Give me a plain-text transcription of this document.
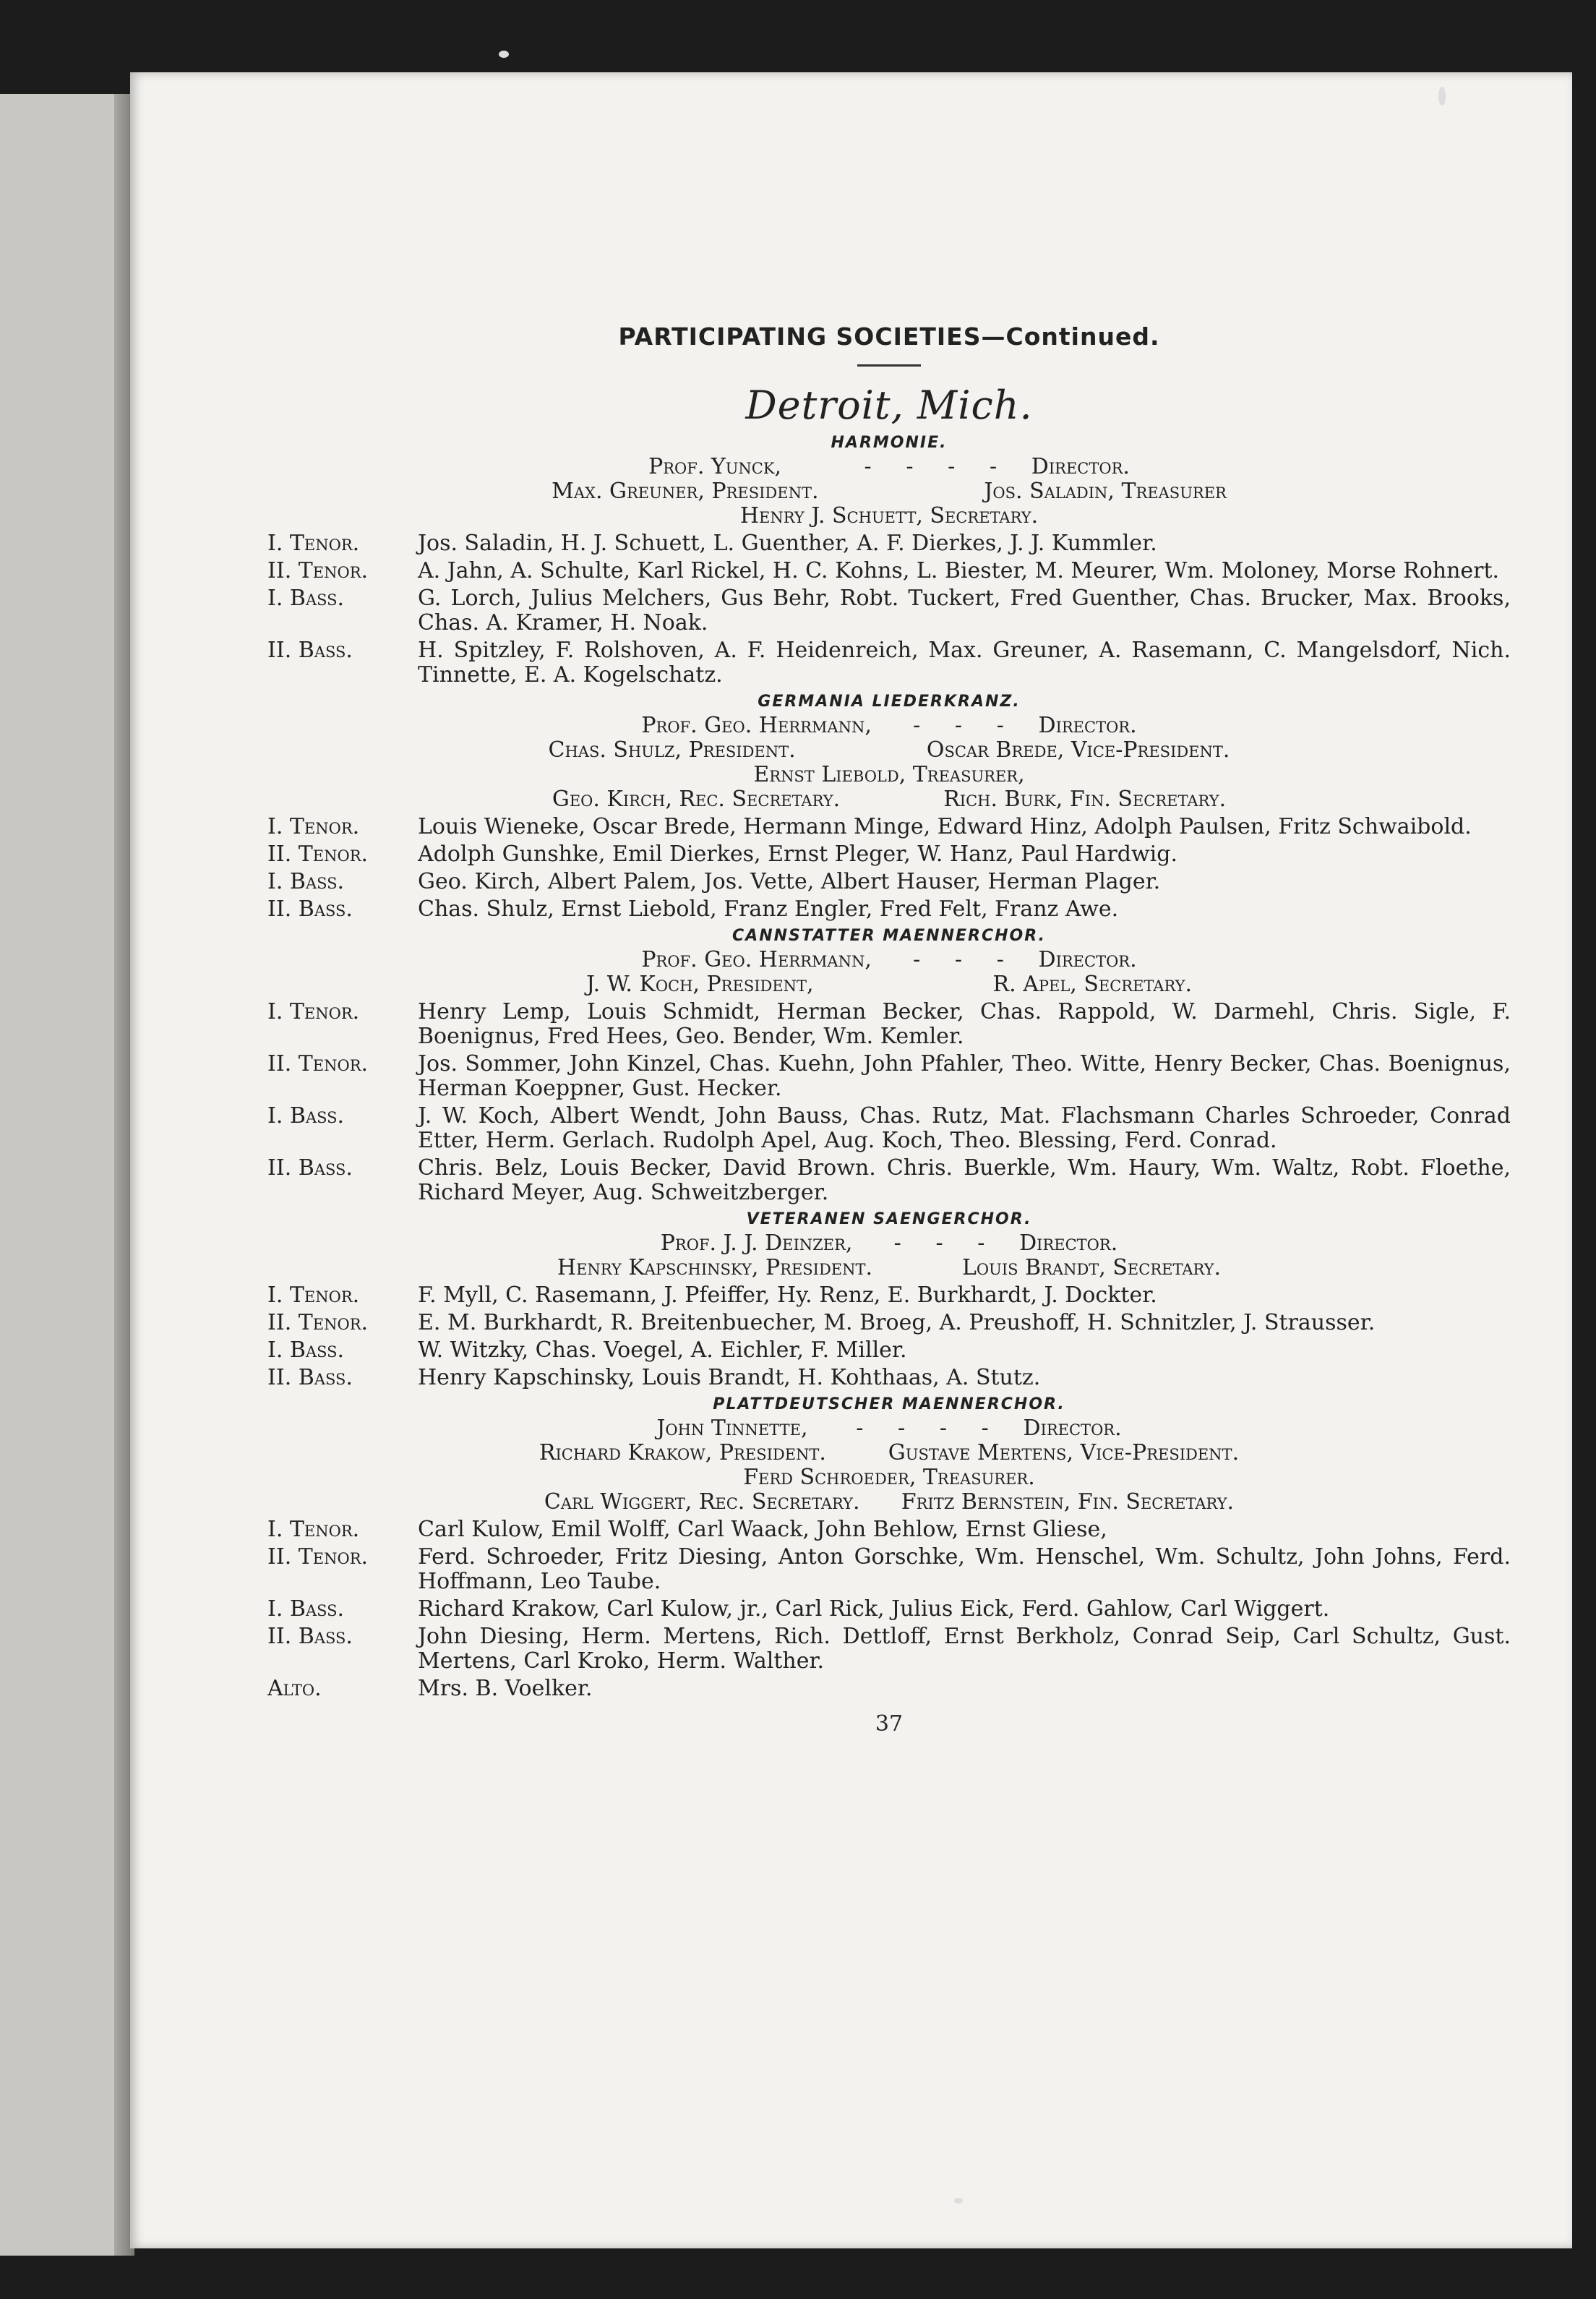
PARTICIPATING SOCIETIES—Continued.
Detroit, Mich.
HARMONIE.
Prof. Yunck,            -     -     -     -     Director.
Max. Greuner, President.                        Jos. Saladin, Treasurer
Henry J. Schuett, Secretary.
I. Tenor.	Jos. Saladin, H. J. Schuett, L. Guenther, A. F. Dierkes, J. J. Kummler.
II. Tenor.	A. Jahn, A. Schulte, Karl Rickel, H. C. Kohns, L. Biester, M. Meurer, Wm. Moloney, Morse Rohnert.
I. Bass.	G. Lorch, Julius Melchers, Gus Behr, Robt. Tuckert, Fred Guenther, Chas. Brucker, Max. Brooks, Chas. A. Kramer, H. Noak.
II. Bass.	H. Spitzley, F. Rolshoven, A. F. Heidenreich, Max. Greuner, A. Rasemann, C. Mangelsdorf, Nich. Tinnette, E. A. Kogelschatz.
GERMANIA LIEDERKRANZ.
Prof. Geo. Herrmann,      -     -     -     Director.
Chas. Shulz, President.                   Oscar Brede, Vice-President.
Ernst Liebold, Treasurer,
Geo. Kirch, Rec. Secretary.               Rich. Burk, Fin. Secretary.
I. Tenor.	Louis Wieneke, Oscar Brede, Hermann Minge, Edward Hinz, Adolph Paulsen, Fritz Schwaibold.
II. Tenor.	Adolph Gunshke, Emil Dierkes, Ernst Pleger, W. Hanz, Paul Hardwig.
I. Bass.	Geo. Kirch, Albert Palem, Jos. Vette, Albert Hauser, Herman Plager.
II. Bass.	Chas. Shulz, Ernst Liebold, Franz Engler, Fred Felt, Franz Awe.
CANNSTATTER MAENNERCHOR.
Prof. Geo. Herrmann,      -     -     -     Director.
J. W. Koch, President,                          R. Apel, Secretary.
I. Tenor.	Henry Lemp, Louis Schmidt, Herman Becker, Chas. Rappold, W. Darmehl, Chris. Sigle, F. Boenignus, Fred Hees, Geo. Bender, Wm. Kemler.
II. Tenor.	Jos. Sommer, John Kinzel, Chas. Kuehn, John Pfahler, Theo. Witte, Henry Becker, Chas. Boenignus, Herman Koeppner, Gust. Hecker.
I. Bass.	J. W. Koch, Albert Wendt, John Bauss, Chas. Rutz, Mat. Flachsmann Charles Schroeder, Conrad Etter, Herm. Gerlach. Rudolph Apel, Aug. Koch, Theo. Blessing, Ferd. Conrad.
II. Bass.	Chris. Belz, Louis Becker, David Brown. Chris. Buerkle, Wm. Haury, Wm. Waltz, Robt. Floethe, Richard Meyer, Aug. Schweitzberger.
VETERANEN SAENGERCHOR.
Prof. J. J. Deinzer,      -     -     -     Director.
Henry Kapschinsky, President.             Louis Brandt, Secretary.
I. Tenor.	F. Myll, C. Rasemann, J. Pfeiffer, Hy. Renz, E. Burkhardt, J. Dockter.
II. Tenor.	E. M. Burkhardt, R. Breitenbuecher, M. Broeg, A. Preushoff, H. Schnitzler, J. Strausser.
I. Bass.	W. Witzky, Chas. Voegel, A. Eichler, F. Miller.
II. Bass.	Henry Kapschinsky, Louis Brandt, H. Kohthaas, A. Stutz.
PLATTDEUTSCHER MAENNERCHOR.
John Tinnette,       -     -     -     -     Director.
Richard Krakow, President.         Gustave Mertens, Vice-President.
Ferd Schroeder, Treasurer.
Carl Wiggert, Rec. Secretary.      Fritz Bernstein, Fin. Secretary.
I. Tenor.	Carl Kulow, Emil Wolff, Carl Waack, John Behlow, Ernst Gliese,
II. Tenor.	Ferd. Schroeder, Fritz Diesing, Anton Gorschke, Wm. Henschel, Wm. Schultz, John Johns, Ferd. Hoffmann, Leo Taube.
I. Bass.	Richard Krakow, Carl Kulow, jr., Carl Rick, Julius Eick, Ferd. Gahlow, Carl Wiggert.
II. Bass.	John Diesing, Herm. Mertens, Rich. Dettloff, Ernst Berkholz, Conrad Seip, Carl Schultz, Gust. Mertens, Carl Kroko, Herm. Walther.
Alto.	Mrs. B. Voelker.
37
